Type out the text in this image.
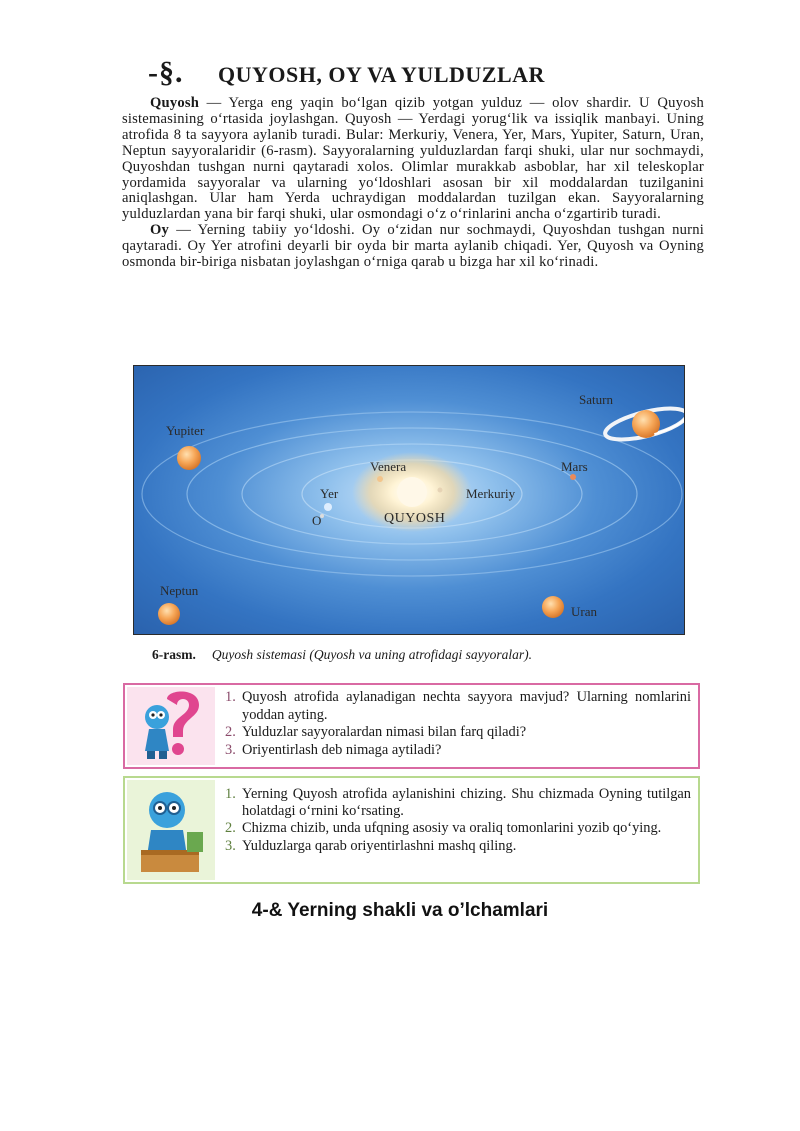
-§. QUYOSH, OY VA YULDUZLAR

Quyosh — Yerga eng yaqin bo‘lgan qizib yotgan yulduz — olov shardir. U Quyosh sistemasining o‘rtasida joylashgan. Quyosh — Yerdagi yorug‘lik va issiqlik manbayi. Uning atrofida 8 ta sayyora aylanib turadi. Bular: Merkuriy, Venera, Yer, Mars, Yupiter, Saturn, Uran, Neptun sayyoralaridir (6-rasm). Sayyoralarning yulduzlardan farqi shuki, ular nur sochmaydi, Quyoshdan tushgan nurni qaytaradi xolos. Olimlar murakkab asboblar, har xil teleskoplar yordamida sayyoralar va ularning yo‘ldoshlari asosan bir xil moddalardan tuzilganini aniqlashgan. Ular ham Yerda uchraydigan moddalardan tuzilgan ekan. Sayyoralarning yulduzlardan yana bir farqi shuki, ular osmondagi o‘z o‘rinlarini ancha o‘zgartirib turadi.

Oy — Yerning tabiiy yo‘ldoshi. Oy o‘zidan nur sochmaydi, Quyoshdan tushgan nurni qaytaradi. Oy Yer atrofini deyarli bir oyda bir marta aylanib chiqadi. Yer, Quyosh va Oyning osmonda bir-biriga nisbatan joylashgan o‘rniga qarab u bizga har xil ko‘rinadi.

Saturn
Yupiter
Venera	Mars
Yer	Merkuriy
O	QUYOSH
Neptun
Uran
6-rasm. Quyosh sistemasi (Quyosh va uning atrofidagi sayyoralar).
1. Quyosh atrofida aylanadigan nechta sayyora mavjud? Ularning nomlarini yoddan ayting.
2. Yulduzlar sayyoralardan nimasi bilan farq qiladi?
3. Oriyentirlash deb nimaga aytiladi?
1. Yerning Quyosh atrofida aylanishini chizing. Shu chizmada Oyning tutilgan holatdagi o‘rnini ko‘rsating.
2. Chizma chizib, unda ufqning asosiy va oraliq tomonlarini yozib qo‘ying.
3. Yulduzlarga qarab oriyentirlashni mashq qiling.
4-& Yerning shakli va o’lchamlari
